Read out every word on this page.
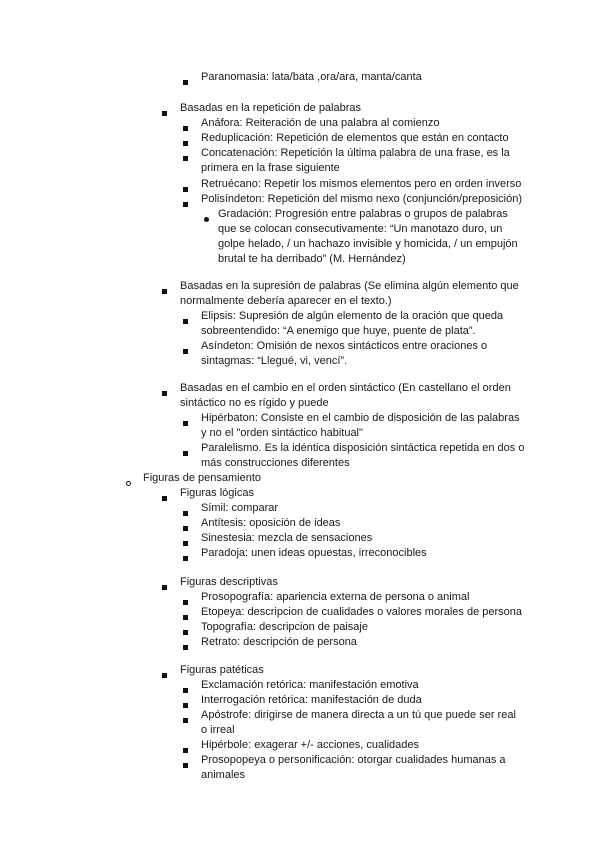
Paranomasia: lata/bata ,ora/ara, manta/canta
Basadas en la repetición de palabras
Anáfora: Reiteración de una palabra al comienzo
Reduplicación: Repetición de elementos que están en contacto
Concatenación: Repetición la última palabra de una frase, es la
primera en la frase siguiente
Retruécano: Repetir los mismos elementos pero en orden inverso
Polisíndeton: Repetición del mismo nexo (conjunción/preposición)
Gradación: Progresión entre palabras o grupos de palabras
que se colocan consecutivamente: “Un manotazo duro, un
golpe helado, / un hachazo invisible y homicida, / un empujón
brutal te ha derribado” (M. Hernández)
Basadas en la supresión de palabras (Se elimina algún elemento que
normalmente debería aparecer en el texto.)
Elipsis: Supresión de algún elemento de la oración que queda
sobreentendido: “A enemigo que huye, puente de plata”.
Asíndeton: Omisión de nexos sintácticos entre oraciones o
sintagmas: “Llegué, vi, vencí”.
Basadas en el cambio en el orden sintáctico (En castellano el orden
sintáctico no es rígido y puede
Hipérbaton: Consiste en el cambio de disposición de las palabras
y no el "orden sintáctico habitual"
Paralelismo. Es la idéntica disposición sintáctica repetida en dos o
más construcciones diferentes
Figuras de pensamiento
Figuras lógicas
Símil: comparar
Antítesis: oposición de ideas
Sinestesia: mezcla de sensaciones
Paradoja: unen ideas opuestas, irreconocibles
Figuras descriptivas
Prosopografía: apariencia externa de persona o animal
Etopeya: descripcion de cualidades o valores morales de persona
Topografía: descripcion de paisaje
Retrato: descripción de persona
Figuras patéticas
Exclamación retórica: manifestación emotiva
Interrogación retórica: manifestación de duda
Apóstrofe: dirigirse de manera directa a un tú que puede ser real
o irreal
Hipérbole: exagerar +/- acciones, cualidades
Prosopopeya o personificación: otorgar cualidades humanas a
animales
